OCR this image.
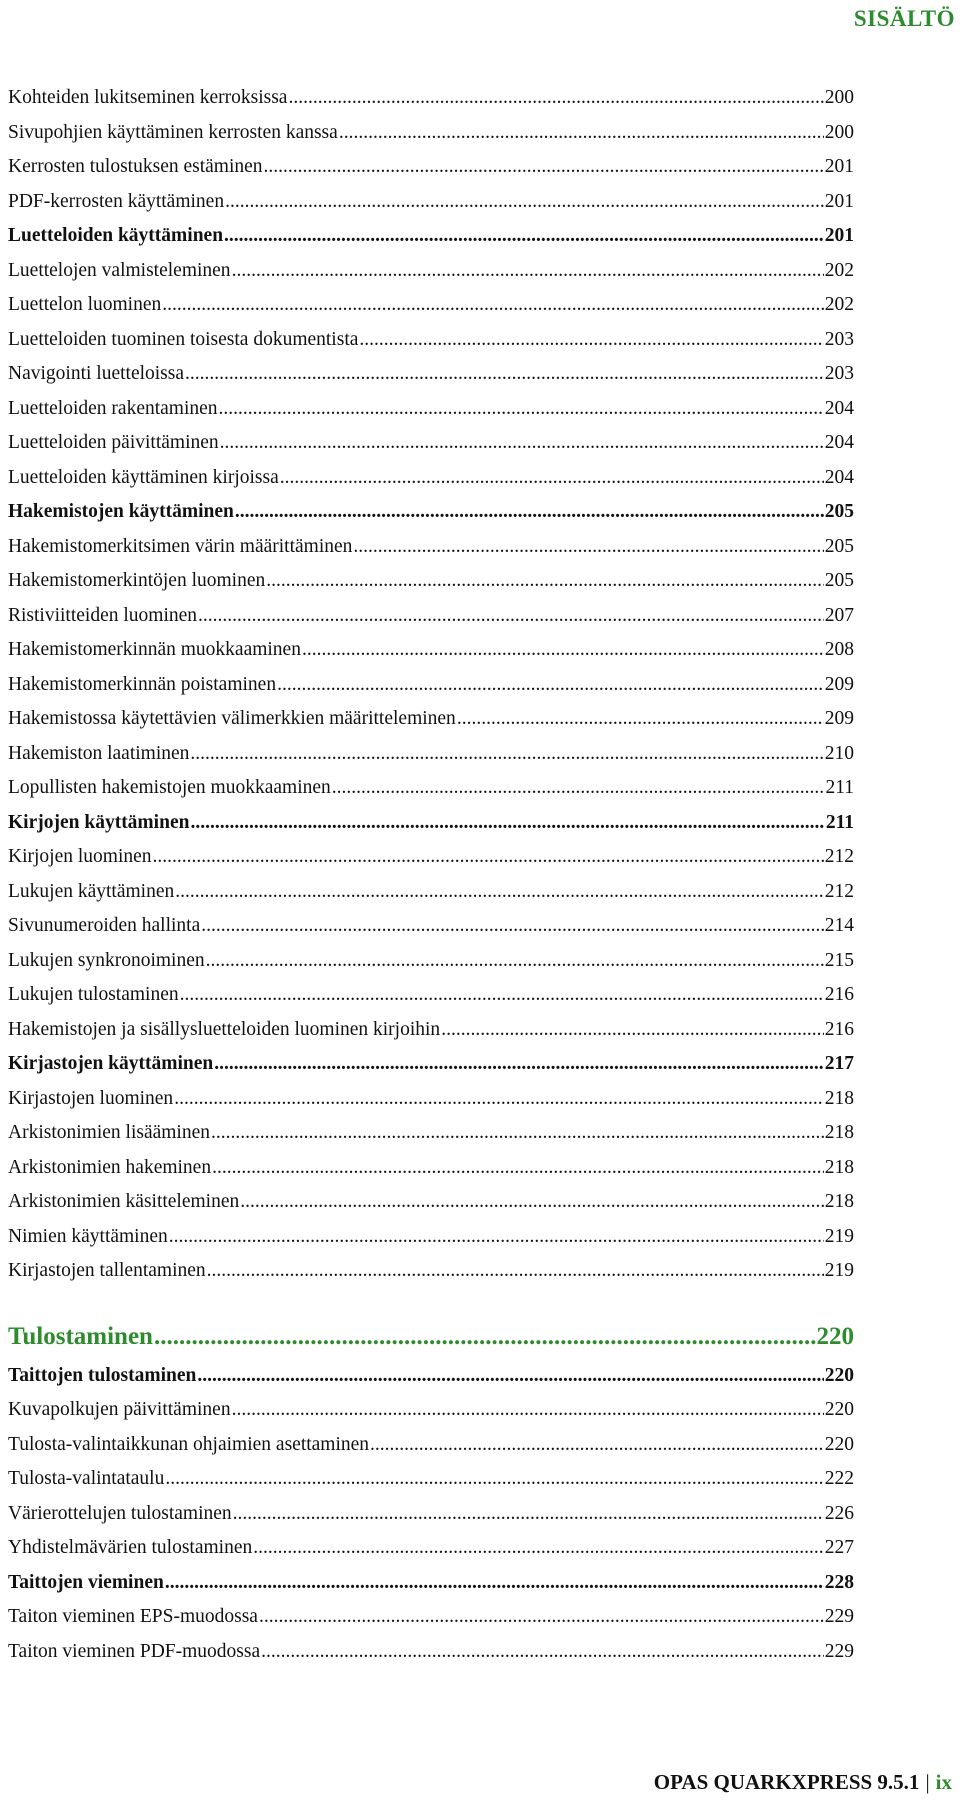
SISÄLTÖ
Kohteiden lukitseminen kerroksissa .....	200
Sivupohjien käyttäminen kerrosten kanssa .....	200
Kerrosten tulostuksen estäminen .....	201
PDF-kerrosten käyttäminen .....	201
Luetteloiden käyttäminen .....	201
Luettelojen valmisteleminen .....	202
Luettelon luominen .....	202
Luetteloiden tuominen toisesta dokumentista .....	203
Navigointi luetteloissa .....	203
Luetteloiden rakentaminen .....	204
Luetteloiden päivittäminen .....	204
Luetteloiden käyttäminen kirjoissa .....	204
Hakemistojen käyttäminen .....	205
Hakemistomerkitsimen värin määrittäminen .....	205
Hakemistomerkintöjen luominen .....	205
Ristiviitteiden luominen .....	207
Hakemistomerkinnän muokkaaminen .....	208
Hakemistomerkinnän poistaminen .....	209
Hakemistossa käytettävien välimerkkien määritteleminen .....	209
Hakemiston laatiminen .....	210
Lopullisten hakemistojen muokkaaminen .....	211
Kirjojen käyttäminen .....	211
Kirjojen luominen .....	212
Lukujen käyttäminen .....	212
Sivunumeroiden hallinta .....	214
Lukujen synkronoiminen .....	215
Lukujen tulostaminen .....	216
Hakemistojen ja sisällysluetteloiden luominen kirjoihin .....	216
Kirjastojen käyttäminen .....	217
Kirjastojen luominen .....	218
Arkistonimien lisääminen .....	218
Arkistonimien hakeminen .....	218
Arkistonimien käsitteleminen .....	218
Nimien käyttäminen .....	219
Kirjastojen tallentaminen .....	219
Tulostaminen .....	220
Taittojen tulostaminen .....	220
Kuvapolkujen päivittäminen .....	220
Tulosta-valintaikkunan ohjaimien asettaminen .....	220
Tulosta-valintataulu .....	222
Värierottelujen tulostaminen .....	226
Yhdistelmävärien tulostaminen .....	227
Taittojen vieminen .....	228
Taiton vieminen EPS-muodossa .....	229
Taiton vieminen PDF-muodossa .....	229
OPAS QUARKXPRESS 9.5.1 | ix
